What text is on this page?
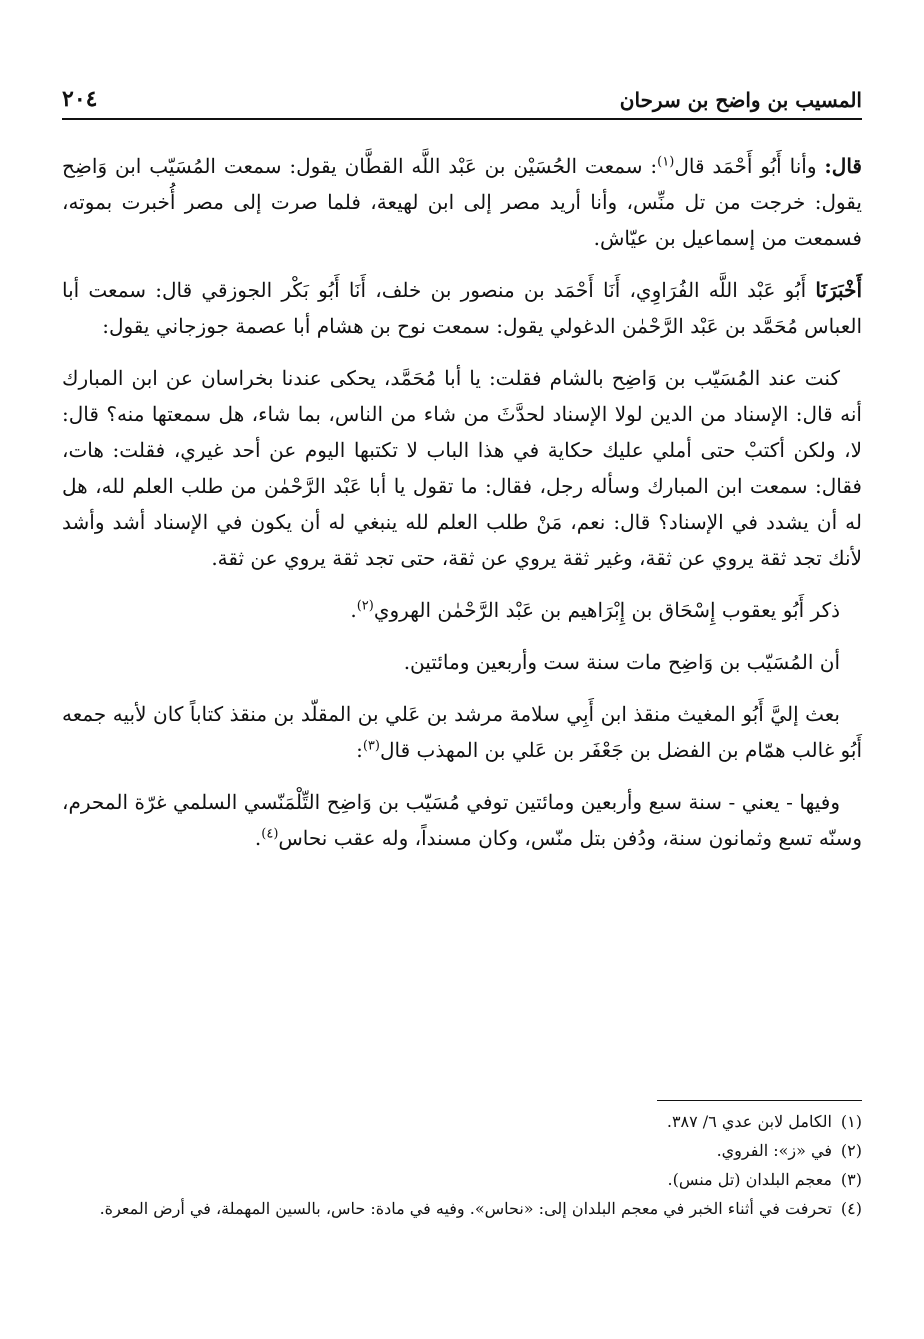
المسيب بن واضح بن سرحان
٢٠٤

قال: وأنا أَبُو أَحْمَد قال$^{(١)}$: سمعت الحُسَيْن بن عَبْد اللَّه القطَّان يقول: سمعت المُسَيّب ابن وَاضِح يقول: خرجت من تل منِّس، وأنا أريد مصر إلى ابن لهيعة، فلما صرت إلى مصر أُخبرت بموته، فسمعت من إسماعيل بن عيّاش.

أَخْبَرَنَا أَبُو عَبْد اللَّه الفُرَاوِي، أَنَا أَحْمَد بن منصور بن خلف، أَنَا أَبُو بَكْر الجوزقي قال: سمعت أبا العباس مُحَمَّد بن عَبْد الرَّحْمٰن الدغولي يقول: سمعت نوح بن هشام أبا عصمة جوزجاني يقول:

كنت عند المُسَيّب بن وَاضِح بالشام فقلت: يا أبا مُحَمَّد، يحكى عندنا بخراسان عن ابن المبارك أنه قال: الإسناد من الدين لولا الإسناد لحدَّثَ من شاء من الناس، بما شاء، هل سمعتها منه؟ قال: لا، ولكن أكتبْ حتى أملي عليك حكاية في هذا الباب لا تكتبها اليوم عن أحد غيري، فقلت: هات، فقال: سمعت ابن المبارك وسأله رجل، فقال: ما تقول يا أبا عَبْد الرَّحْمٰن من طلب العلم لله، هل له أن يشدد في الإسناد؟ قال: نعم، مَنْ طلب العلم لله ينبغي له أن يكون في الإسناد أشد وأشد لأنك تجد ثقة يروي عن ثقة، وغير ثقة يروي عن ثقة، حتى تجد ثقة يروي عن ثقة.

ذكر أَبُو يعقوب إِسْحَاق بن إِبْرَاهيم بن عَبْد الرَّحْمٰن الهروي$^{(٢)}$.

أن المُسَيّب بن وَاضِح مات سنة ست وأربعين ومائتين.

بعث إليَّ أَبُو المغيث منقذ ابن أَبِي سلامة مرشد بن عَلي بن المقلّد بن منقذ كتاباً كان لأبيه جمعه أَبُو غالب همّام بن الفضل بن جَعْفَر بن عَلي بن المهذب قال$^{(٣)}$:

وفيها - يعني - سنة سبع وأربعين ومائتين توفي مُسَيّب بن وَاضِح التِّلْمَنّسي السلمي غرّة المحرم، وسنّه تسع وثمانون سنة، ودُفن بتل منّس، وكان مسنداً، وله عقب نحاس$^{(٤)}$.

(١)
الكامل لابن عدي ٦/ ٣٨٧.
(٢)
في «ز»: الفروي.
(٣)
معجم البلدان (تل منس).
(٤)
تحرفت في أثناء الخبر في معجم البلدان إلى: «نحاس». وفيه في مادة: حاس، بالسين المهملة، في أرض المعرة.
